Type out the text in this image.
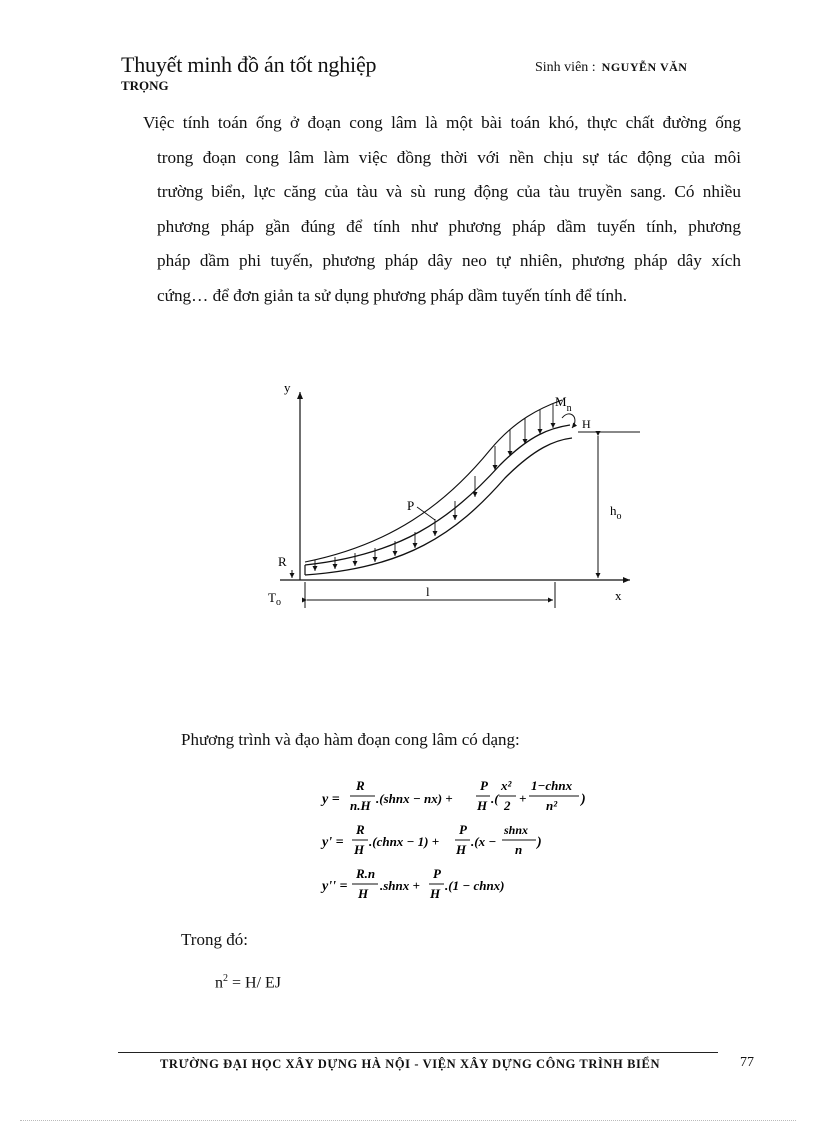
Thuyết minh đồ án tốt nghiệp
TRỌNG
Sinh viên : NGUYỄN VĂN
Việc tính toán ống ở đoạn cong lâm là một bài toán khó, thực chất đường ống
trong đoạn cong lâm làm việc đồng thời với nền chịu sự tác động của môi
trường biển, lực căng của tàu và sù rung động của tàu truyền sang. Có nhiều
phương pháp gần đúng để tính như phương pháp dầm tuyến tính, phương
pháp dầm phi tuyến, phương pháp dây neo tự nhiên, phương pháp dây xích
cứng… để đơn giản ta sử dụng phương pháp dầm tuyến tính để tính.
y
x
P
$M_n$
H
$h_o$
R
$T_o$
l
Phương trình và đạo hàm đoạn cong lâm có dạng:
y =
R
n.H .(shnx − nx) +
P
H .(
x²
2 +
1−chnx
n² )
y' =
R
H
.(chnx − 1) +
P
H
.(x −
shnx
n )
y'' =
R.n
H
.shnx +
P
H
.(1 − chnx)
Trong đó:
$n^2 = H/$ EJ
TRƯỜNG ĐẠI HỌC XÂY DỰNG HÀ NỘI - VIỆN XÂY DỰNG CÔNG TRÌNH BIỂN	77
